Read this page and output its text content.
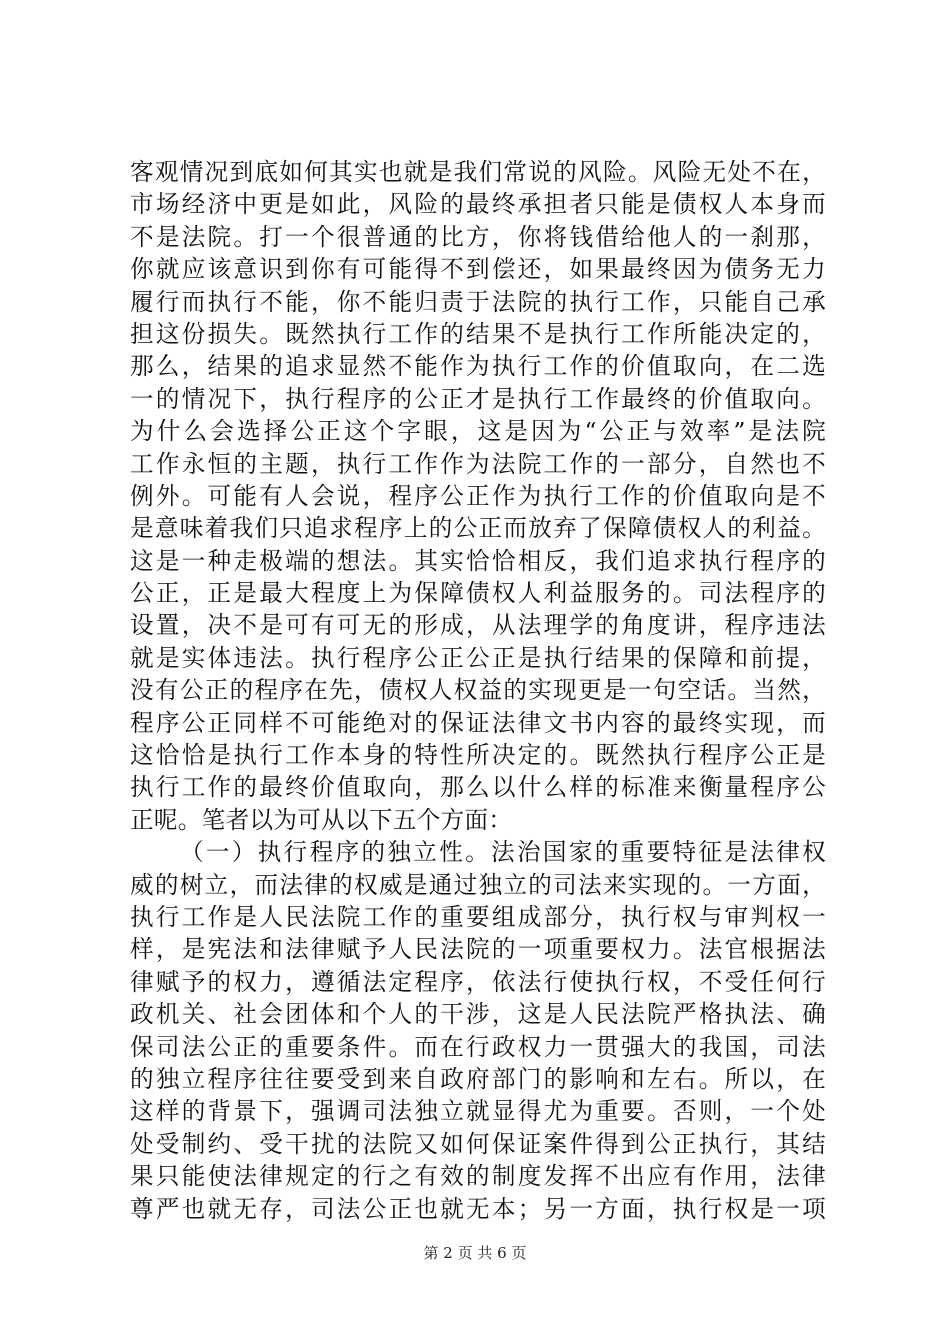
客观情况到底如何其实也就是我们常说的风险。风险无处不在，
市场经济中更是如此，风险的最终承担者只能是债权人本身而
不是法院。打一个很普通的比方，你将钱借给他人的一刹那，
你就应该意识到你有可能得不到偿还，如果最终因为债务无力
履行而执行不能，你不能归责于法院的执行工作，只能自己承
担这份损失。既然执行工作的结果不是执行工作所能决定的，
那么，结果的追求显然不能作为执行工作的价值取向，在二选
一的情况下，执行程序的公正才是执行工作最终的价值取向。
为什么会选择公正这个字眼，这是因为“公正与效率”是法院
工作永恒的主题，执行工作作为法院工作的一部分，自然也不
例外。可能有人会说，程序公正作为执行工作的价值取向是不
是意味着我们只追求程序上的公正而放弃了保障债权人的利益。
这是一种走极端的想法。其实恰恰相反，我们追求执行程序的
公正，正是最大程度上为保障债权人利益服务的。司法程序的
设置，决不是可有可无的形成，从法理学的角度讲，程序违法
就是实体违法。执行程序公正公正是执行结果的保障和前提，
没有公正的程序在先，债权人权益的实现更是一句空话。当然，
程序公正同样不可能绝对的保证法律文书内容的最终实现，而
这恰恰是执行工作本身的特性所决定的。既然执行程序公正是
执行工作的最终价值取向，那么以什么样的标准来衡量程序公
正呢。笔者以为可从以下五个方面：
（一）执行程序的独立性。法治国家的重要特征是法律权
威的树立，而法律的权威是通过独立的司法来实现的。一方面，
执行工作是人民法院工作的重要组成部分，执行权与审判权一
样，是宪法和法律赋予人民法院的一项重要权力。法官根据法
律赋予的权力，遵循法定程序，依法行使执行权，不受任何行
政机关、社会团体和个人的干涉，这是人民法院严格执法、确
保司法公正的重要条件。而在行政权力一贯强大的我国，司法
的独立程序往往要受到来自政府部门的影响和左右。所以，在
这样的背景下，强调司法独立就显得尤为重要。否则，一个处
处受制约、受干扰的法院又如何保证案件得到公正执行，其结
果只能使法律规定的行之有效的制度发挥不出应有作用，法律
尊严也就无存，司法公正也就无本；另一方面，执行权是一项
第 2 页 共 6 页
